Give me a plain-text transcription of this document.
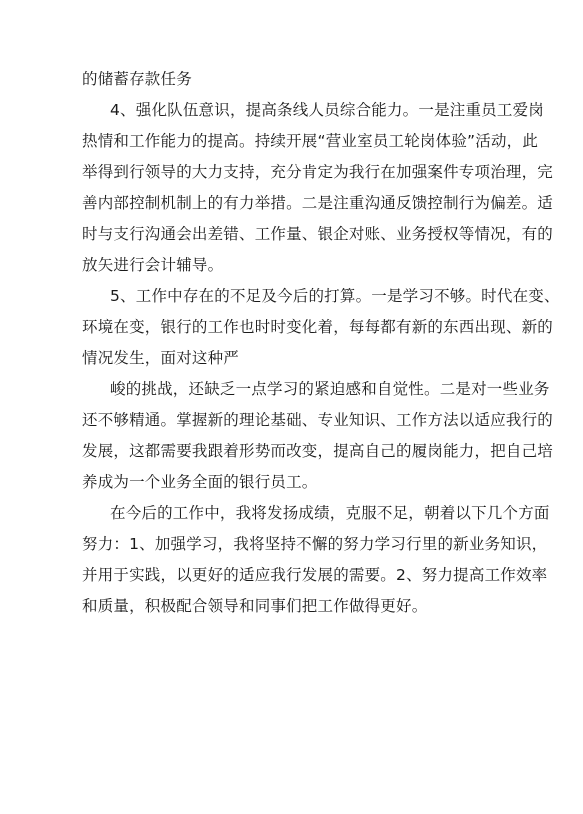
的储蓄存款任务
4、强化队伍意识，提高条线人员综合能力。一是注重员工爱岗
热情和工作能力的提高。持续开展“营业室员工轮岗体验”活动，此
举得到行领导的大力支持，充分肯定为我行在加强案件专项治理，完
善内部控制机制上的有力举措。二是注重沟通反馈控制行为偏差。适
时与支行沟通会出差错、工作量、银企对账、业务授权等情况，有的
放矢进行会计辅导。
5、工作中存在的不足及今后的打算。一是学习不够。时代在变、
环境在变，银行的工作也时时变化着，每每都有新的东西出现、新的
情况发生，面对这种严
峻的挑战，还缺乏一点学习的紧迫感和自觉性。二是对一些业务
还不够精通。掌握新的理论基础、专业知识、工作方法以适应我行的
发展，这都需要我跟着形势而改变，提高自己的履岗能力，把自己培
养成为一个业务全面的银行员工。
在今后的工作中，我将发扬成绩，克服不足，朝着以下几个方面
努力：1、加强学习，我将坚持不懈的努力学习行里的新业务知识，
并用于实践，以更好的适应我行发展的需要。2、努力提高工作效率
和质量，积极配合领导和同事们把工作做得更好。
